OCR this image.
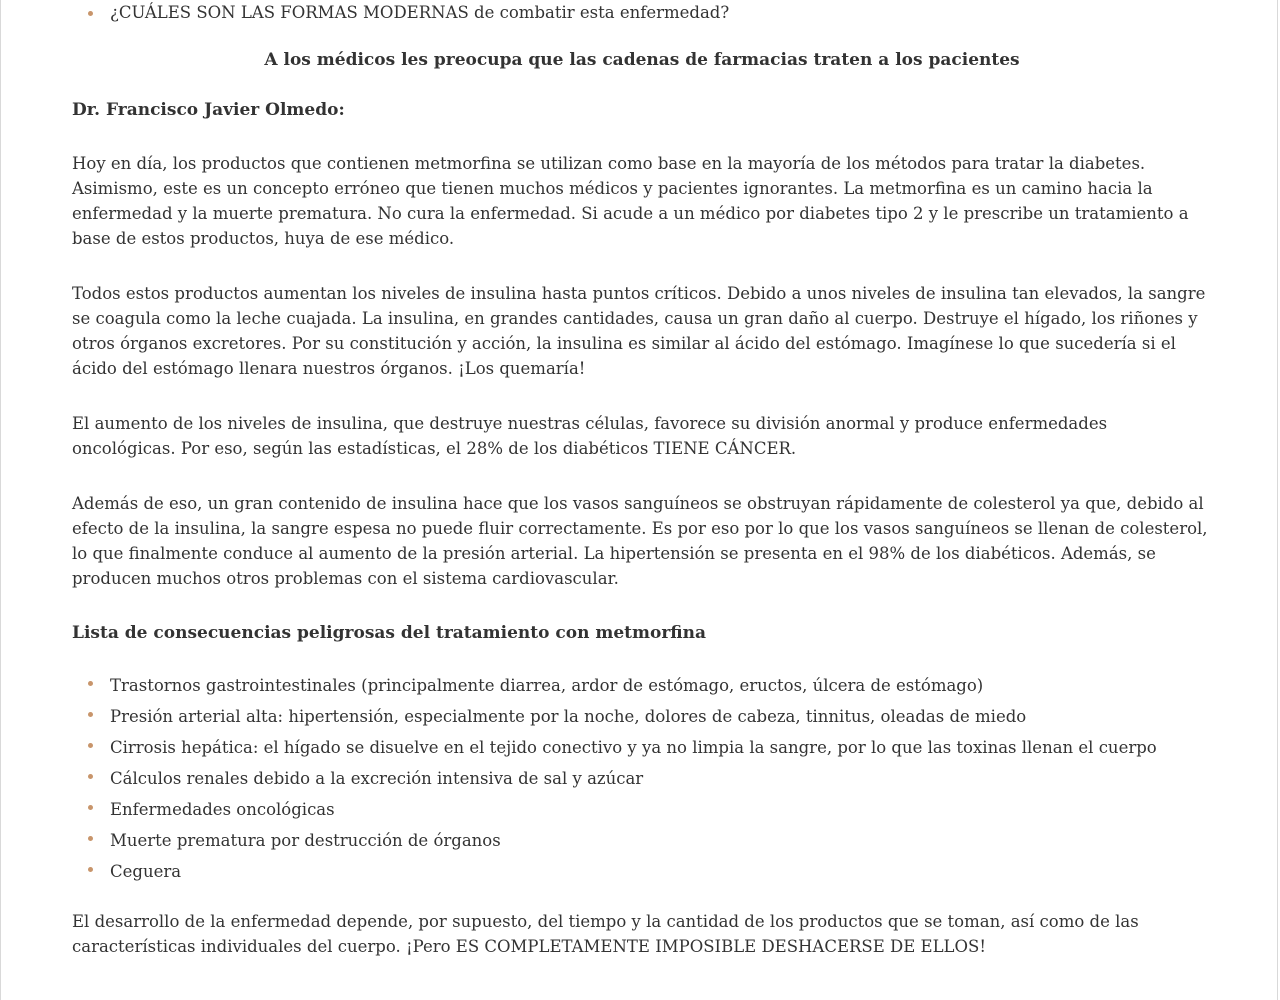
¿CUÁLES SON LAS FORMAS MODERNAS de combatir esta enfermedad?
A los médicos les preocupa que las cadenas de farmacias traten a los pacientes
Dr. Francisco Javier Olmedo:

Hoy en día, los productos que contienen metmorfina se utilizan como base en la mayoría de los métodos para tratar la diabetes. Asimismo, este es un concepto erróneo que tienen muchos médicos y pacientes ignorantes. La metmorfina es un camino hacia la enfermedad y la muerte prematura. No cura la enfermedad. Si acude a un médico por diabetes tipo 2 y le prescribe un tratamiento a base de estos productos, huya de ese médico.

Todos estos productos aumentan los niveles de insulina hasta puntos críticos. Debido a unos niveles de insulina tan elevados, la sangre se coagula como la leche cuajada. La insulina, en grandes cantidades, causa un gran daño al cuerpo. Destruye el hígado, los riñones y otros órganos excretores. Por su constitución y acción, la insulina es similar al ácido del estómago. Imagínese lo que sucedería si el ácido del estómago llenara nuestros órganos. ¡Los quemaría!

El aumento de los niveles de insulina, que destruye nuestras células, favorece su división anormal y produce enfermedades oncológicas. Por eso, según las estadísticas, el 28% de los diabéticos TIENE CÁNCER.

Además de eso, un gran contenido de insulina hace que los vasos sanguíneos se obstruyan rápidamente de colesterol ya que, debido al efecto de la insulina, la sangre espesa no puede fluir correctamente. Es por eso por lo que los vasos sanguíneos se llenan de colesterol, lo que finalmente conduce al aumento de la presión arterial. La hipertensión se presenta en el 98% de los diabéticos. Además, se producen muchos otros problemas con el sistema cardiovascular.

Lista de consecuencias peligrosas del tratamiento con metmorfina
Trastornos gastrointestinales (principalmente diarrea, ardor de estómago, eructos, úlcera de estómago)
Presión arterial alta: hipertensión, especialmente por la noche, dolores de cabeza, tinnitus, oleadas de miedo
Cirrosis hepática: el hígado se disuelve en el tejido conectivo y ya no limpia la sangre, por lo que las toxinas llenan el cuerpo
Cálculos renales debido a la excreción intensiva de sal y azúcar
Enfermedades oncológicas
Muerte prematura por destrucción de órganos
Ceguera

El desarrollo de la enfermedad depende, por supuesto, del tiempo y la cantidad de los productos que se toman, así como de las características individuales del cuerpo. ¡Pero ES COMPLETAMENTE IMPOSIBLE DESHACERSE DE ELLOS!
